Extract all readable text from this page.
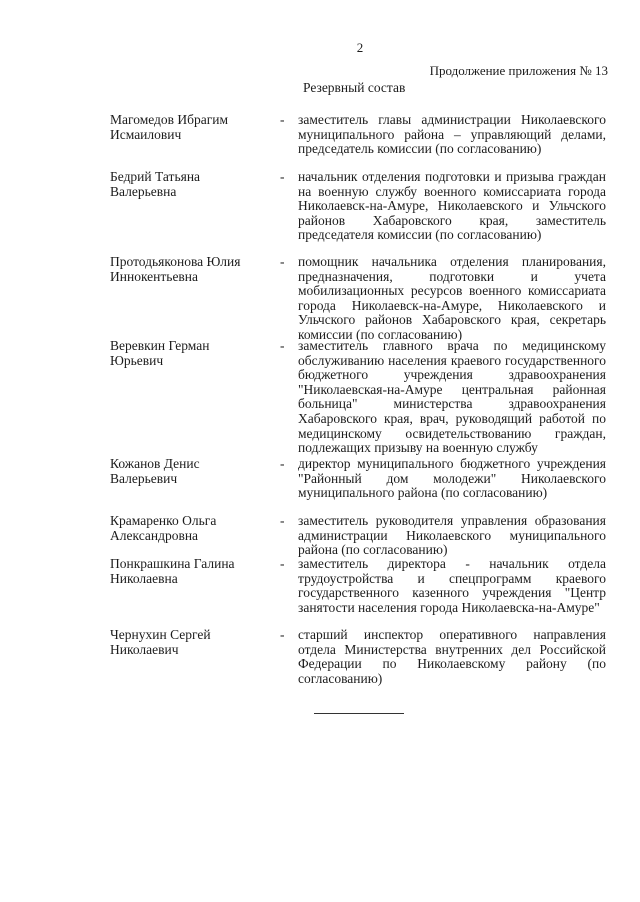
2
Продолжение приложения № 13
Резервный состав
Магомедов Ибрагим
Исмаилович
-	заместитель главы администрации Николаевского муниципального района – управляющий делами, председатель комиссии (по согласованию)
Бедрий Татьяна
Валерьевна
-	начальник отделения подготовки и призыва граждан на военную службу военного комиссариата города Николаевск-на-Амуре, Николаевского и Ульчского районов Хабаровского края, заместитель председателя комиссии (по согласованию)
Протодьяконова Юлия
Иннокентьевна
-	помощник начальника отделения планирования, предназначения, подготовки и учета мобилизационных ресурсов военного комиссариата города Николаевск-на-Амуре, Николаевского и Ульчского районов Хабаровского края, секретарь комиссии (по согласованию)
Веревкин Герман
Юрьевич
-	заместитель главного врача по медицинскому обслуживанию населения краевого государственного бюджетного учреждения здравоохранения "Николаевская-на-Амуре центральная районная больница" министерства здравоохранения Хабаровского края, врач, руководящий работой по медицинскому освидетельствованию граждан, подлежащих призыву на военную службу
Кожанов Денис
Валерьевич
-	директор муниципального бюджетного учреждения "Районный дом молодежи" Николаевского муниципального района (по согласованию)
Крамаренко Ольга
Александровна
-	заместитель руководителя управления образования администрации Николаевского муниципального района (по согласованию)
Понкрашкина Галина
Николаевна
-	заместитель директора - начальник отдела трудоустройства и спецпрограмм краевого государственного казенного учреждения "Центр занятости населения города Николаевска-на-Амуре"
Чернухин Сергей
Николаевич
-	старший инспектор оперативного направления отдела Министерства внутренних дел Российской Федерации по Николаевскому району (по согласованию)
